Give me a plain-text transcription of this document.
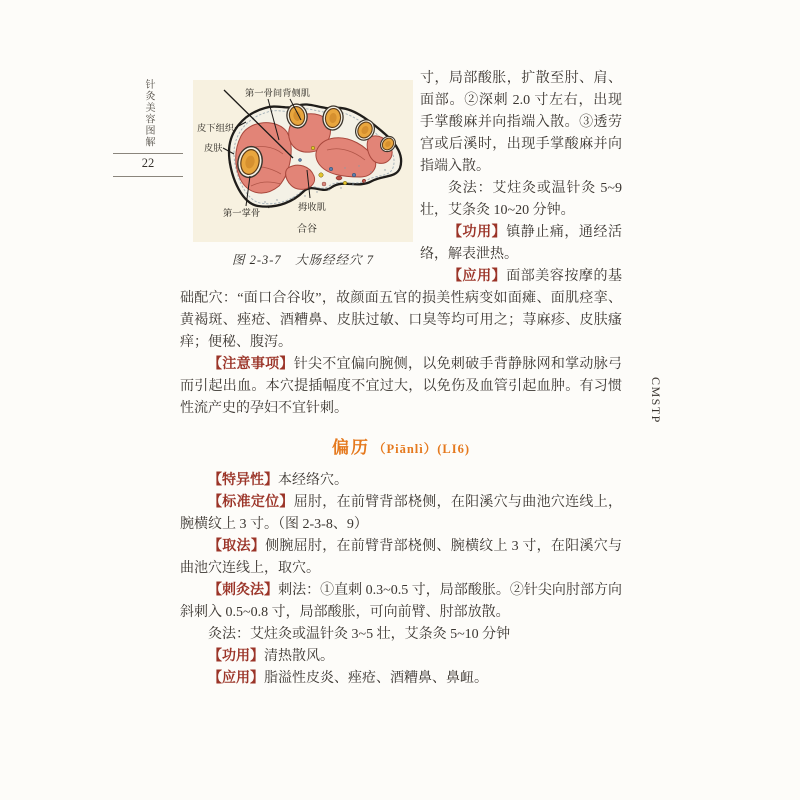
针灸美容图解
22
CMSTP
第一骨间背侧肌
皮下组织
皮肤
第一掌骨
拇收肌
合谷
图 2-3-7　大肠经经穴 7

寸，局部酸胀，扩散至肘、肩、面部。②深刺 2.0 寸左右，出现手掌酸麻并向指端入散。③透劳宫或后溪时，出现手掌酸麻并向指端入散。

灸法：艾炷灸或温针灸 5~9 壮，艾条灸 10~20 分钟。

【功用】镇静止痛，通经活络，解表泄热。

【应用】面部美容按摩的基础配穴：“面口合谷收”，故颜面五官的损美性病变如面瘫、面肌痉挛、黄褐斑、痤疮、酒糟鼻、皮肤过敏、口臭等均可用之；荨麻疹、皮肤瘙痒；便秘、腹泻。

【注意事项】针尖不宜偏向腕侧，以免刺破手背静脉网和掌动脉弓而引起出血。本穴提插幅度不宜过大，以免伤及血管引起血肿。有习惯性流产史的孕妇不宜针刺。

偏历 （Piānlì）(LI6)

【特异性】本经络穴。

【标准定位】屈肘，在前臂背部桡侧，在阳溪穴与曲池穴连线上，腕横纹上 3 寸。（图 2-3-8、9）

【取法】侧腕屈肘，在前臂背部桡侧、腕横纹上 3 寸，在阳溪穴与曲池穴连线上，取穴。

【刺灸法】刺法：①直刺 0.3~0.5 寸，局部酸胀。②针尖向肘部方向斜刺入 0.5~0.8 寸，局部酸胀，可向前臂、肘部放散。

灸法：艾炷灸或温针灸 3~5 壮，艾条灸 5~10 分钟

【功用】清热散风。

【应用】脂溢性皮炎、痤疮、酒糟鼻、鼻衄。
